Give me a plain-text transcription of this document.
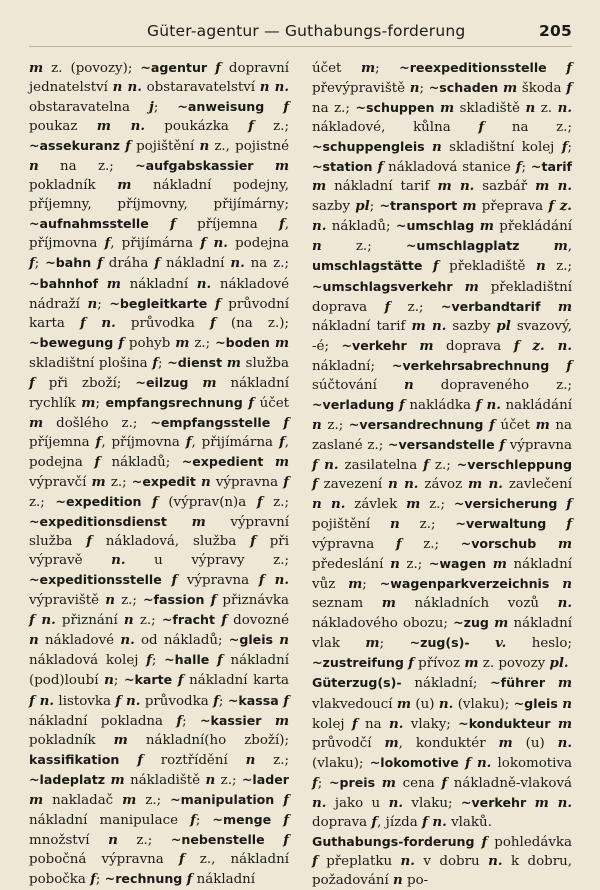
Güter-agentur — Guthabungs-forderung	205
m z. (povozy); ~agentur f dopravní jednatelství n n. obstaravatelství n n. obstaravatelna j; ~anweisung f poukaz m n. poukázka f z.; ~assekuranz f pojištění n z., pojistné n na z.; ~aufgabskassier m pokladník m nákladní podejny, příjemny, příjmovny, přijímárny; ~aufnahmsstelle f příjemna f, příjmovna f, přijímárna f n. podejna f; ~bahn f dráha f nákladní n. na z.; ~bahnhof m nákladní n. nákladové nádraží n; ~begleitkarte f průvodní karta f n. průvodka f (na z.); ~bewegung f pohyb m z.; ~boden m skladištní plošina f; ~dienst m služba f při zboží; ~eilzug m nákladní rychlík m; empfangsrechnung f účet m došlého z.; ~empfangsstelle f příjemna f, příjmovna f, přijímárna f, podejna f nákladů; ~expedient m výpravčí m z.; ~expedit n výpravna f z.; ~expedition f (výprav(n)a f z.; ~expeditionsdienst m výpravní služba f nákladová, služba f při výpravě n. u výpravy z.; ~expeditionsstelle f výpravna f n. výpraviště n z.; ~fassion f přiznávka f n. přiznání n z.; ~fracht f dovozné n nákladové n. od nákladů; ~gleis n nákladová kolej f; ~halle f nákladní (pod)loubí n; ~karte f nákladní karta f n. listovka f n. průvodka f; ~kassa f nákladní pokladna f; ~kassier m pokladník m nákladní(ho zboží); kassifikation f roztřídění n z.; ~ladeplatz m nákladiště n z.; ~lader m nakladač m z.; ~manipulation f nákladní manipulace f; ~menge f množství n z.; ~nebenstelle f pobočná výpravna f z., nákladní pobočka f; ~rechnung f nákladní
účet m; ~reexpeditionsstelle f převýpraviště n; ~schaden m škoda f na z.; ~schuppen m skladiště n z. n. nákladové, kůlna f na z.; ~schuppengleis n skladištní kolej f; ~station f nákladová stanice f; ~tarif m nákladní tarif m n. sazbář m n. sazby pl; ~transport m přeprava f z. n. nákladů; ~umschlag m překládání n z.; ~umschlagplatz	m, umschlagstätte f překladiště n z.; ~umschlagsverkehr m překladištní doprava f z.; ~verbandtarif m nákladní tarif m n. sazby pl svazový, -é; ~verkehr m doprava f z. n. nákladní; ~verkehrsabrechnung f súčtování n dopraveného z.; ~verladung f nakládka f n. nakládání n z.; ~versandrechnung f účet m na zaslané z.; ~versandstelle f výpravna f n. zasilatelna f z.; ~verschleppung f zavezení n n. závoz m n. zavlečení n n. závlek m z.; ~versicherung f pojištění n z.; ~verwaltung f výpravna f z.; ~vorschub m předeslání n z.; ~wagen m nákladní vůz m; ~wagenparkverzeichnis n seznam m nákladních vozů n. nákladového obozu; ~zug m nákladní vlak m; ~zug(s)- v. heslo; ~zustreifung f přívoz m z. povozy pl.
Güterzug(s)- nákladní; ~führer m vlakvedoucí m (u) n. (vlaku); ~gleis n kolej f na n. vlaky; ~kondukteur m průvodčí m, konduktér m (u) n. (vlaku); ~lokomotive f n. lokomotiva f; ~preis m cena f nákladně-vlaková n. jako u n. vlaku; ~verkehr m n. doprava f, jízda f n. vlaků.
Guthabungs-forderung f pohledávka f přeplatku n. v dobru n. k dobru, požadování n po-
